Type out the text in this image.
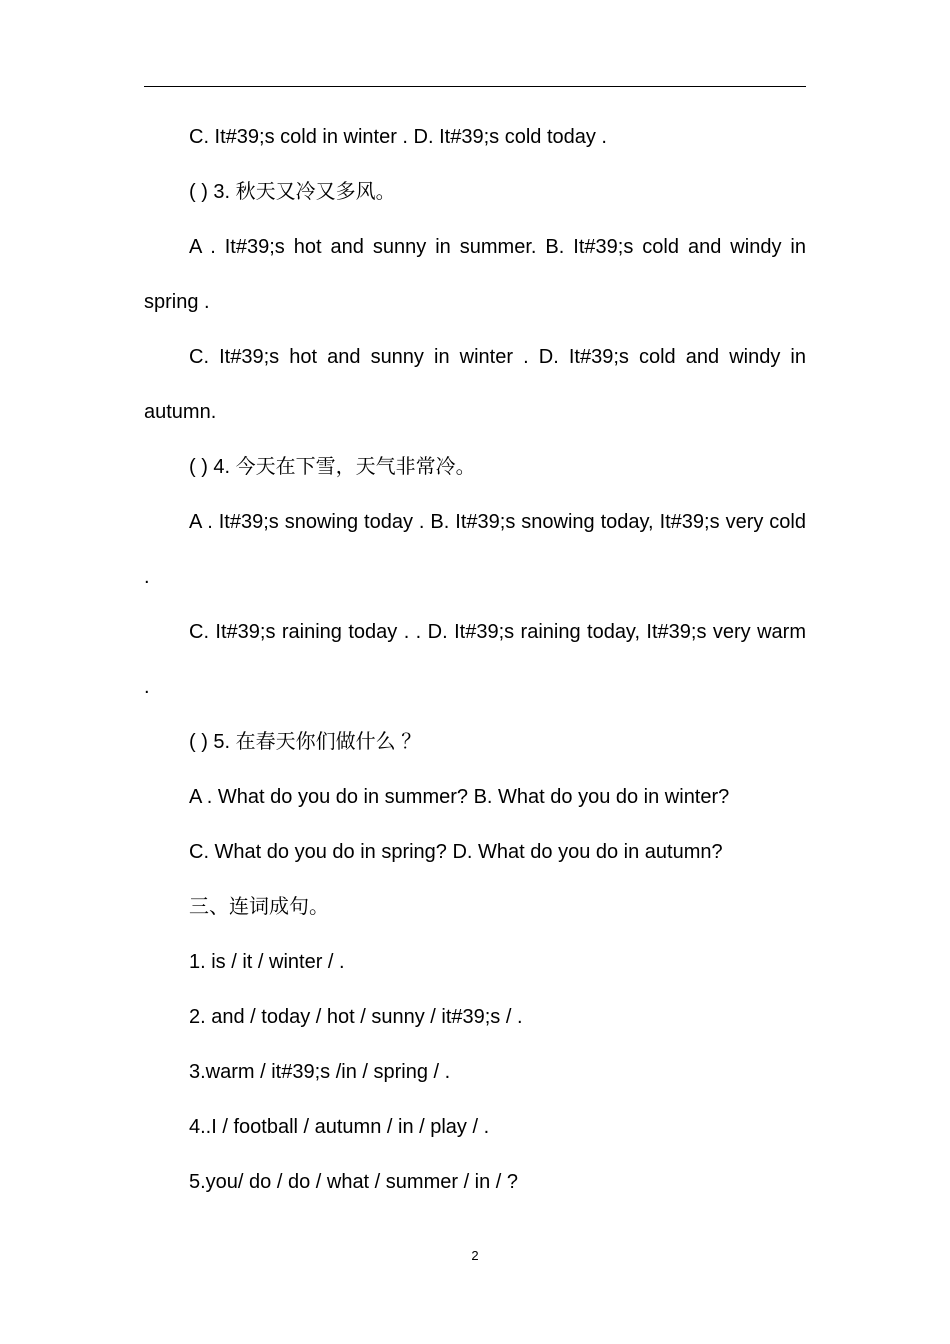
C. It#39;s cold in winter . D. It#39;s cold today .

( ) 3. 秋天又冷又多风。

A . It#39;s hot and sunny in summer. B. It#39;s cold and windy in spring .

C. It#39;s hot and sunny in winter . D. It#39;s cold and windy in autumn.

( ) 4. 今天在下雪，天气非常冷。

A . It#39;s snowing today . B. It#39;s snowing today, It#39;s very cold .

C. It#39;s raining today . . D. It#39;s raining today, It#39;s very warm .

( ) 5. 在春天你们做什么 ？

A . What do you do in summer? B. What do you do in winter?

C. What do you do in spring? D. What do you do in autumn?

三、连词成句。

1. is / it / winter / .

2. and / today / hot / sunny / it#39;s / .

3.warm / it#39;s /in / spring / .

4..I / football / autumn / in / play / .

5.you/ do / do / what / summer / in / ?

2
